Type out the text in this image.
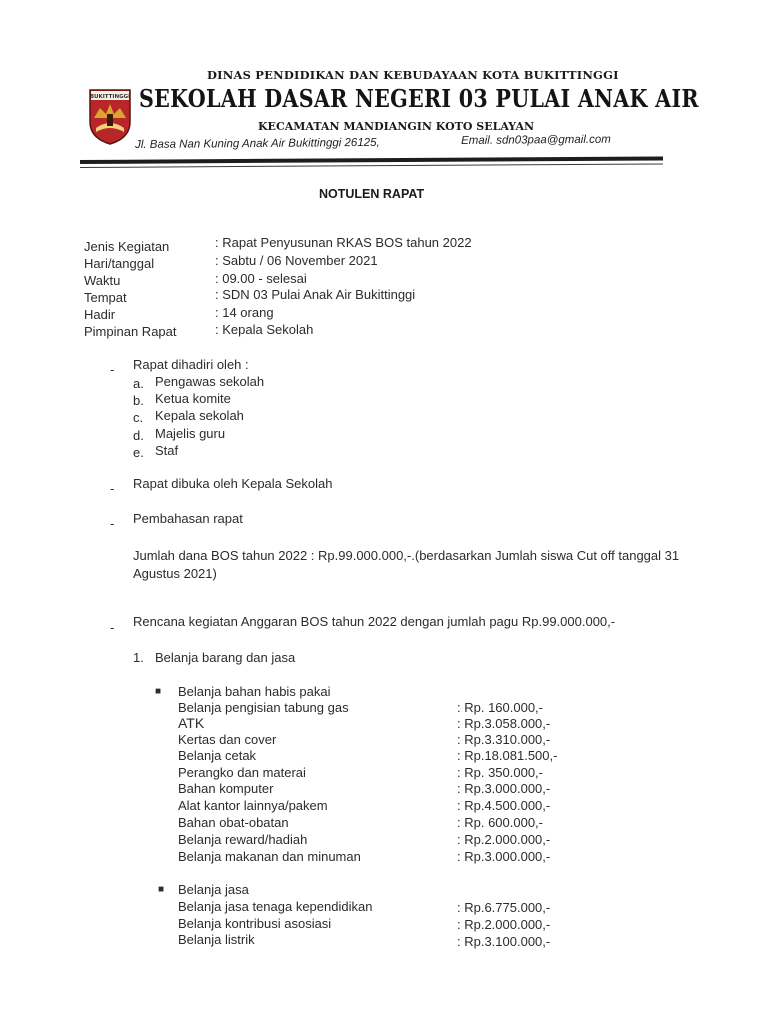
BUKITTINGGI
DINAS PENDIDIKAN DAN KEBUDAYAAN KOTA BUKITTINGGI
SEKOLAH DASAR NEGERI 03 PULAI ANAK AIR
KECAMATAN MANDIANGIN KOTO SELAYAN
Jl. Basa Nan Kuning Anak Air Bukittinggi 26125,	Email. sdn03paa@gmail.com
NOTULEN RAPAT
Jenis Kegiatan	: Rapat Penyusunan RKAS BOS tahun 2022
Hari/tanggal	: Sabtu / 06 November 2021
Waktu	: 09.00 - selesai
Tempat	: SDN 03 Pulai Anak Air Bukittinggi
Hadir	: 14 orang
Pimpinan Rapat	: Kepala Sekolah
- Rapat dihadiri oleh :
a. Pengawas sekolah
b. Ketua komite
c. Kepala sekolah
d. Majelis guru
e. Staf
- Rapat dibuka oleh Kepala Sekolah
- Pembahasan rapat
Jumlah dana BOS tahun 2022 : Rp.99.000.000,-.(berdasarkan Jumlah siswa Cut off tanggal 31
Agustus 2021)
- Rencana kegiatan Anggaran BOS tahun 2022 dengan jumlah pagu Rp.99.000.000,-
1. Belanja barang dan jasa
■ Belanja bahan habis pakai
Belanja pengisian tabung gas	: Rp. 160.000,-
ATK	: Rp.3.058.000,-
Kertas dan cover	: Rp.3.310.000,-
Belanja cetak	: Rp.18.081.500,-
Perangko dan materai	: Rp. 350.000,-
Bahan komputer	: Rp.3.000.000,-
Alat kantor lainnya/pakem	: Rp.4.500.000,-
Bahan obat-obatan	: Rp. 600.000,-
Belanja reward/hadiah	: Rp.2.000.000,-
Belanja makanan dan minuman	: Rp.3.000.000,-
■ Belanja jasa
Belanja jasa tenaga kependidikan	: Rp.6.775.000,-
Belanja kontribusi asosiasi	: Rp.2.000.000,-
Belanja listrik	: Rp.3.100.000,-
